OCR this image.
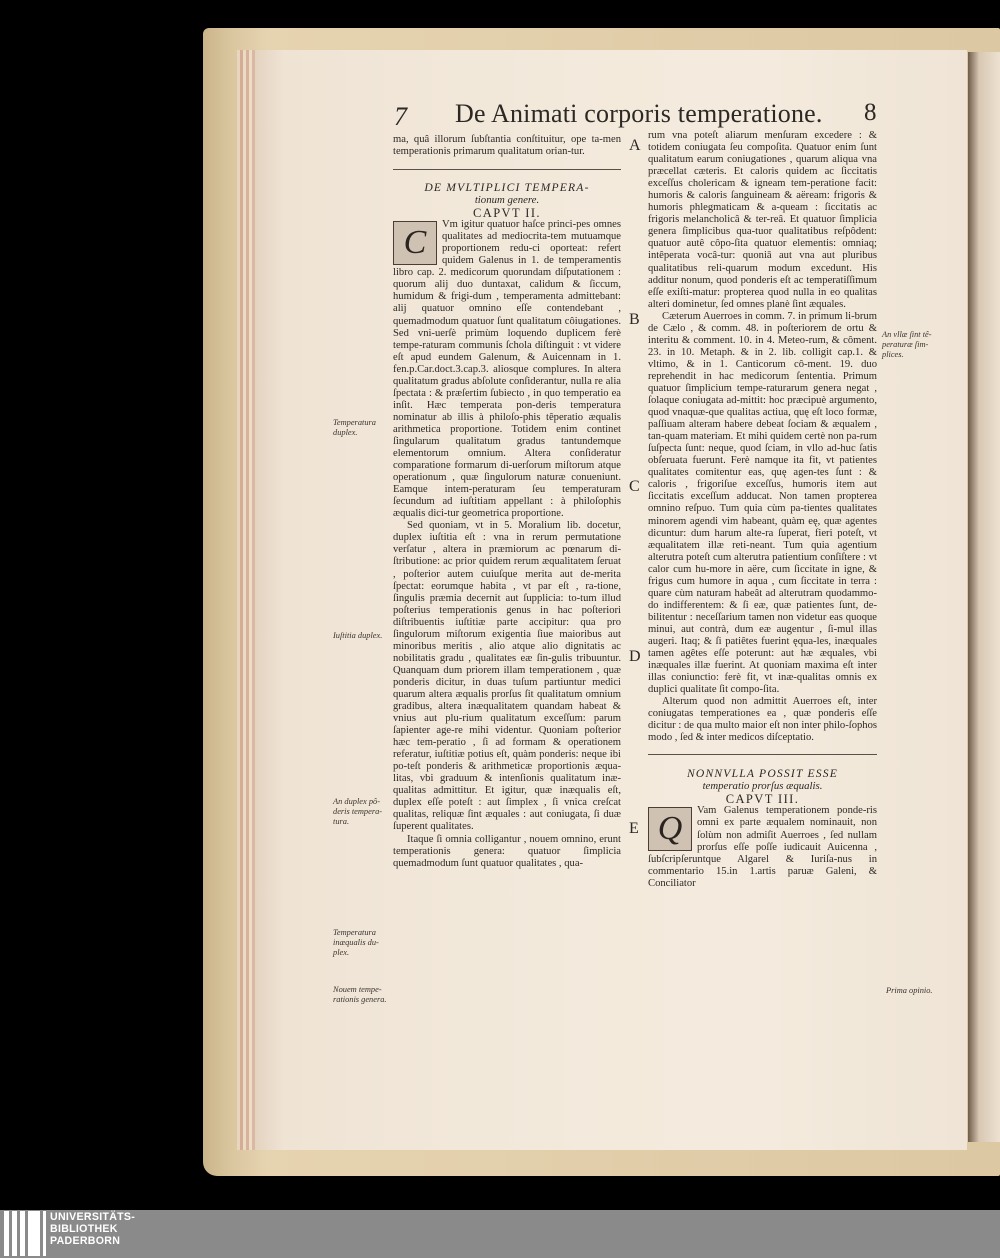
7 De Animati corporis temperatione. 8

ma, quâ illorum ſubſtantia conſtituitur, ope ta-men temperationis primarum qualitatum orian-tur.

DE MVLTIPLICI TEMPERA-

tionum genere.

CAPVT II.

C	Vm igitur quatuor haſce princi-pes omnes qualitates ad mediocrita-tem mutuamque proportionem redu-ci oporteat: refert quidem Galenus in 1. de temperamentis libro cap. 2. medicorum quorundam diſputationem : quorum alij duo duntaxat, calidum & ſiccum, humidum & frigi-dum , temperamenta admittebant: alij quatuor omnino eſſe contendebant , quemadmodum quatuor ſunt qualitatum côiugationes. Sed vni-uerſè primùm loquendo duplicem ferè tempe-raturam communis ſchola diſtinguit : vt videre eſt apud eundem Galenum, & Auicennam in 1. fen.p.Car.doct.3.cap.3. aliosque complures. In altera qualitatum gradus abſolute conſiderantur, nulla re alia ſpectata : & præſertim ſubiecto , in quo temperatio ea inſit. Hæc temperata pon-deris temperatura nominatur ab illis à philoſo-phis têperatio æqualis arithmetica proportione. Totidem enim continet ſingularum qualitatum gradus tantundemque elementorum omnium. Altera conſideratur comparatione formarum di-uerſorum miſtorum atque operationum , quæ ſingulorum naturæ conueniunt. Eamque intem-peraturam ſeu temperaturam ſecundum ad iuſtitiam appellant : à philoſophis æqualis dici-tur geometrica proportione.

Sed quoniam, vt in 5. Moralium lib. docetur, duplex iuſtitia eſt : vna in rerum permutatione verſatur , altera in præmiorum ac pœnarum di-ſtributione: ac prior quidem rerum æqualitatem ſeruat , poſterior autem cuiuſque merita aut de-merita ſpectat: eorumque habita , vt par eſt , ra-tione, ſingulis præmia decernit aut ſupplicia: to-tum illud poſterius temperationis genus in hac poſteriori diſtribuentis iuſtitiæ parte accipitur: qua pro ſingulorum miſtorum exigentia ſiue maioribus aut minoribus meritis , alio atque alio dignitatis ac nobilitatis gradu , qualitates eæ ſin-gulis tribuuntur. Quanquam dum priorem illam temperationem , quæ ponderis dicitur, in duas tuſum partiuntur medici quarum altera æqualis prorſus ſit qualitatum omnium gradibus, altera inæqualitatem quandam habeat & vnius aut plu-rium qualitatum exceſſum: parum ſapienter age-re mihi videntur. Quoniam poſterior hæc tem-peratio , ſi ad formam & operationem referatur, iuſtitiæ potius eſt, quàm ponderis: neque ibi po-teſt ponderis & arithmeticæ proportionis æqua-litas, vbi graduum & intenſionis qualitatum inæ-qualitas admittitur. Et igitur, quæ inæqualis eſt, duplex eſſe poteſt : aut ſimplex , ſi vnica creſcat qualitas, reliquæ ſint æquales : aut coniugata, ſi duæ ſuperent qualitates.

Itaque ſi omnia colligantur , nouem omnino, erunt temperationis genera: quatuor ſimplicia quemadmodum ſunt quatuor qualitates , qua-

rum vna poteſt aliarum menſuram excedere : & totidem coniugata ſeu compoſita. Quatuor enim ſunt qualitatum earum coniugationes , quarum aliqua vna præcellat cæteris. Et caloris quidem ac ſiccitatis exceſſus cholericam & igneam tem-peratione facit: humoris & caloris ſanguineam & aëream: frigoris & humoris phlegmaticam & a-queam : ſiccitatis ac frigoris melancholicâ & ter-reâ. Et quatuor ſimplicia genera ſimplicibus qua-tuor qualitatibus reſpôdent: quatuor autê côpo-ſita quatuor elementis: omniaq; intêperata vocâ-tur: quoniā aut vna aut pluribus qualitatibus reli-quarum modum excedunt. His additur nonum, quod ponderis eſt ac temperatiſſimum eſſe exiſti-matur: propterea quod nulla in eo qualitas alteri dominetur, ſed omnes planè ſint æquales.

Cæterum Auerroes in comm. 7. in primum li-brum de Cælo , & comm. 48. in poſteriorem de ortu & interitu & comment. 10. in 4. Meteo-rum, & côment. 23. in 10. Metaph. & in 2. lib. colligit cap.1. & vltimo, & in 1. Canticorum cô-ment. 19. duo reprehendit in hac medicorum ſententia. Primum quatuor ſimplicium tempe-raturarum genera negat , ſolaque coniugata ad-mittit: hoc præcipuè argumento, quod vnaquæ-que qualitas actiua, quę eſt loco formæ, paſſiuam alteram habere debeat ſociam & æqualem , tan-quam materiam. Et mihi quidem certè non pa-rum ſuſpecta ſunt: neque, quod ſciam, in vllo ad-huc ſatis obſeruata fuerunt. Ferè namque ita fit, vt patientes qualitates comitentur eas, quę agen-tes ſunt : & caloris , frigoriſue exceſſus, humoris item aut ſiccitatis exceſſum adducat. Non tamen propterea omnino reſpuo. Tum quia cùm pa-tientes qualitates minorem agendi vim habeant, quàm eę, quæ agentes dicuntur: dum harum alte-ra ſuperat, fieri poteſt, vt æqualitatem illæ reti-neant. Tum quia agentium alterutra poteſt cum alterutra patientium conſiſtere : vt calor cum hu-more in aëre, cum ſiccitate in igne, & frigus cum humore in aqua , cum ſiccitate in terra : quare cùm naturam habeât ad alterutram quodammo-do indifferentem: & ſi eæ, quæ patientes ſunt, de-bilitentur : neceſſarium tamen non videtur eas quoque minui, aut contrà, dum eæ augentur , ſi-mul illas augeri. Itaq; & ſi patiêtes fuerint ęqua-les, inæquales tamen agêtes eſſe poterunt: aut hæ æquales, vbi inæquales illæ fuerint. At quoniam maxima eſt inter illas coniunctio: ferè fit, vt inæ-qualitas omnis ex duplici qualitate ſit compo-ſita.

Alterum quod non admittit Auerroes eſt, inter coniugatas temperationes ea , quæ ponderis eſſe dicitur : de qua multo maior eſt non inter philo-ſophos modo , ſed & inter medicos diſceptatio.

NONNVLLA POSSIT ESSE

temperatio prorſus æqualis.

CAPVT III.

Q	Vam Galenus temperationem ponde-ris omni ex parte æqualem nominauit, non ſolùm non admiſit Auerroes , ſed nullam prorſus eſſe poſſe iudicauit Auicenna , ſubſcripſeruntque Algarel & Iuriſa-nus in commentario 15.in 1.artis paruæ Galeni, & Conciliator

A
B
C
D
E
Temperatura duplex.
Iuſtitia duplex.
An duplex pô-deris tempera-tura.
Temperatura inæqualis du-plex.
Nouem tempe-rationis genera.
An vllæ ſint tê-peraturæ ſim-plices.
Prima opinio.
UNIVERSITÄTS-
BIBLIOTHEK
PADERBORN
